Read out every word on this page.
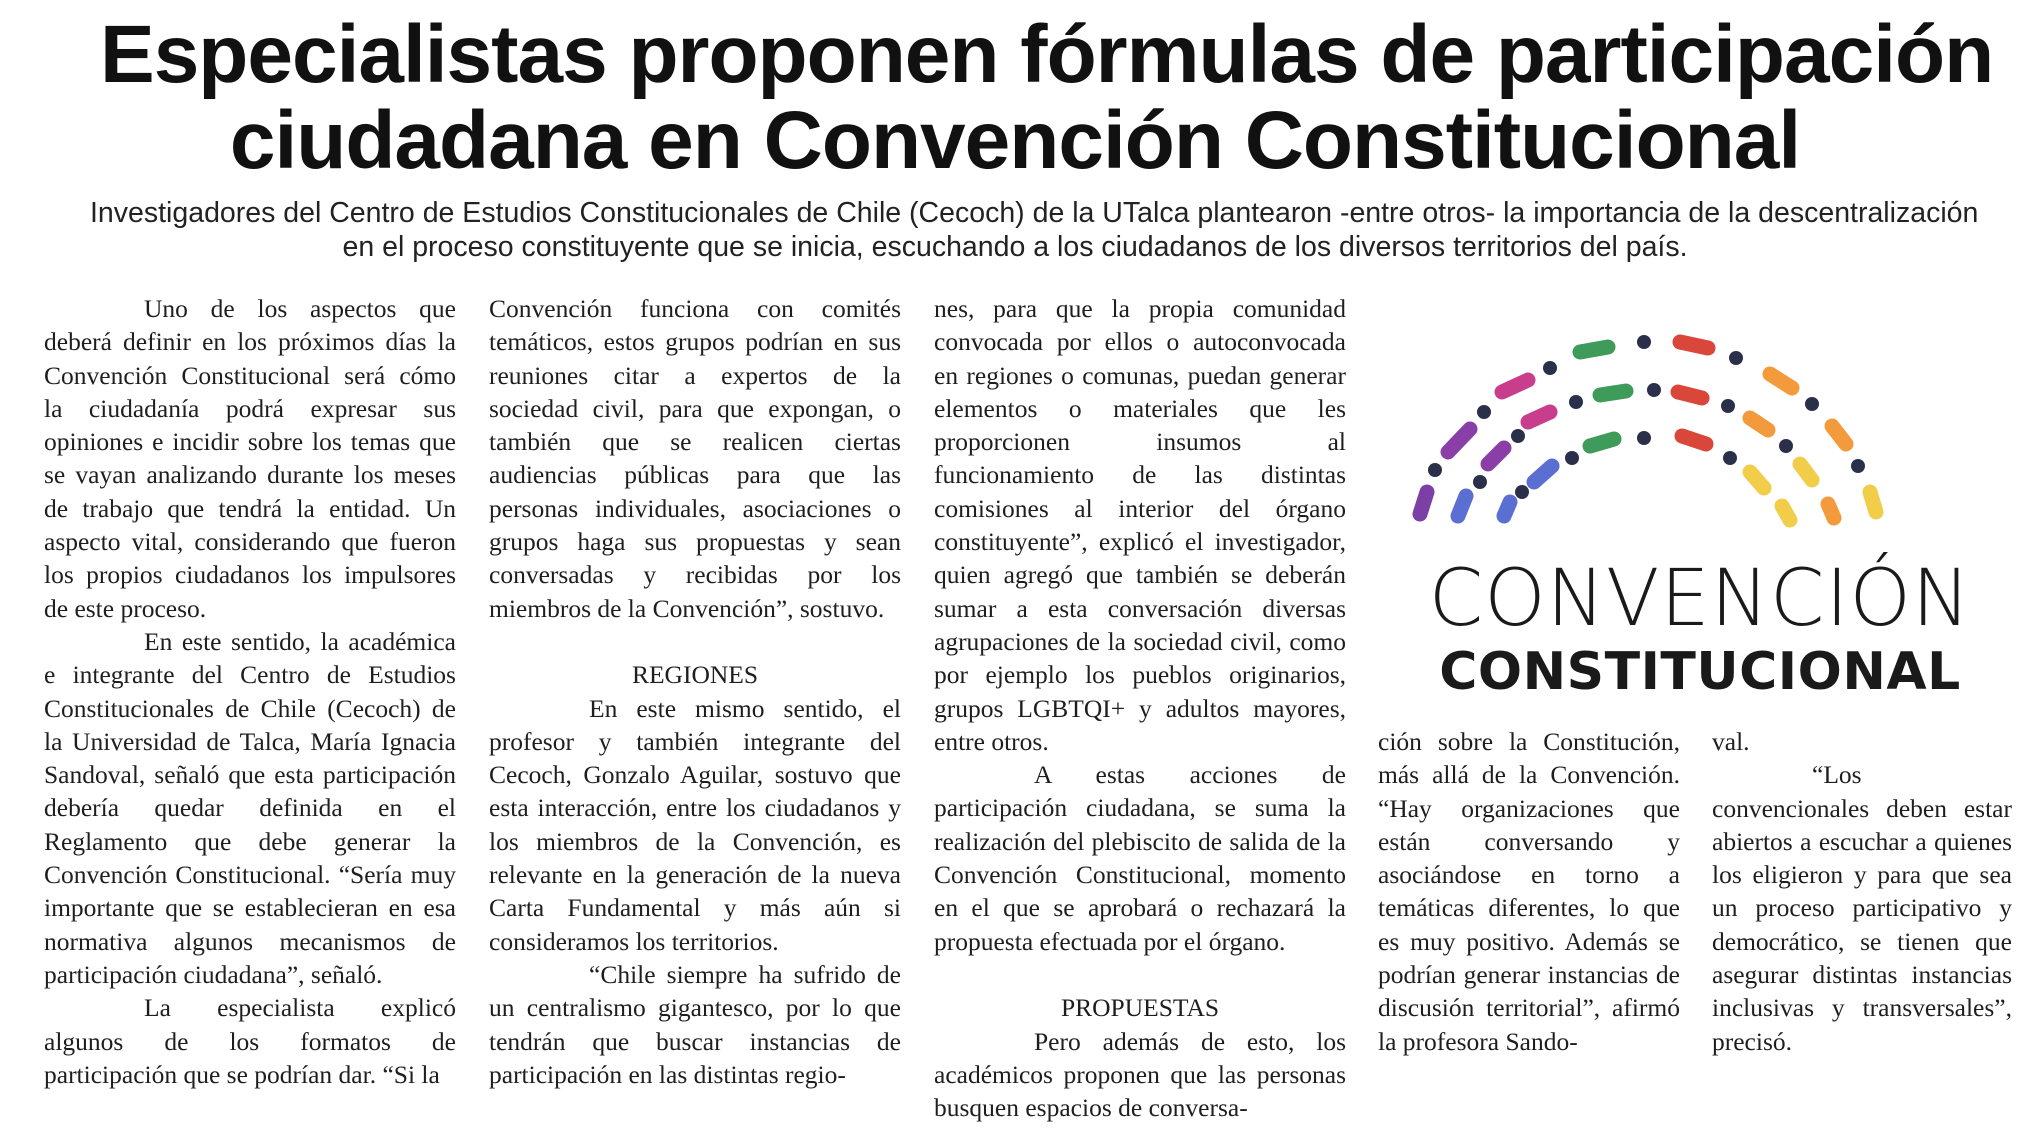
Especialistas proponen fórmulas de participación
ciudadana en Convención Constitucional
Investigadores del Centro de Estudios Constitucionales de Chile (Cecoch) de la UTalca plantearon -entre otros- la importancia de la descentralización
en el proceso constituyente que se inicia, escuchando a los ciudadanos de los diversos territorios del país.

Uno de los aspectos que deberá definir en los próximos días la Convención Constitucional será cómo la ciudadanía podrá expresar sus opiniones e incidir sobre los temas que se vayan analizando durante los meses de trabajo que tendrá la entidad. Un aspecto vital, considerando que fueron los propios ciudadanos los impulsores de este proceso.

En este sentido, la académica e integrante del Centro de Estudios Constitucionales de Chile (Cecoch) de la Universidad de Talca, María Ignacia Sandoval, señaló que esta participación debería quedar definida en el Reglamento que debe generar la Convención Constitucional. “Sería muy importante que se establecieran en esa normativa algunos mecanismos de participación ciudadana”, señaló.

La especialista explicó algunos de los formatos de participación que se podrían dar. “Si la

Convención funciona con comités temáticos, estos grupos podrían en sus reuniones citar a expertos de la sociedad civil, para que expongan, o también que se realicen ciertas audiencias públicas para que las personas individuales, asociaciones o grupos haga sus propuestas y sean conversadas y recibidas por los miembros de la Convención”, sostuvo.

REGIONES

En este mismo sentido, el profesor y también integrante del Cecoch, Gonzalo Aguilar, sostuvo que esta interacción, entre los ciudadanos y los miembros de la Convención, es relevante en la generación de la nueva Carta Fundamental y más aún si consideramos los territorios.

“Chile siempre ha sufrido de un centralismo gigantesco, por lo que tendrán que buscar instancias de participación en las distintas regio-

nes, para que la propia comunidad convocada por ellos o autoconvocada en regiones o comunas, puedan generar elementos o materiales que les proporcionen insumos al funcionamiento de las distintas comisiones al interior del órgano constituyente”, explicó el investigador, quien agregó que también se deberán sumar a esta conversación diversas agrupaciones de la sociedad civil, como por ejemplo los pueblos originarios, grupos LGBTQI+ y adultos mayores, entre otros.

A estas acciones de participación ciudadana, se suma la realización del plebiscito de salida de la Convención Constitucional, momento en el que se aprobará o rechazará la propuesta efectuada por el órgano.

PROPUESTAS

Pero además de esto, los académicos proponen que las personas busquen espacios de conversa-

ción sobre la Constitución, más allá de la Convención. “Hay organizaciones que están conversando y asociándose en torno a temáticas diferentes, lo que es muy positivo. Además se podrían generar instancias de discusión territorial”, afirmó la profesora Sando-

val.

“Los convencionales deben estar abiertos a escuchar a quienes los eligieron y para que sea un proceso participativo y democrático, se tienen que asegurar distintas instancias inclusivas y transversales”, precisó.

CONVENCIÓN
CONSTITUCIONAL
